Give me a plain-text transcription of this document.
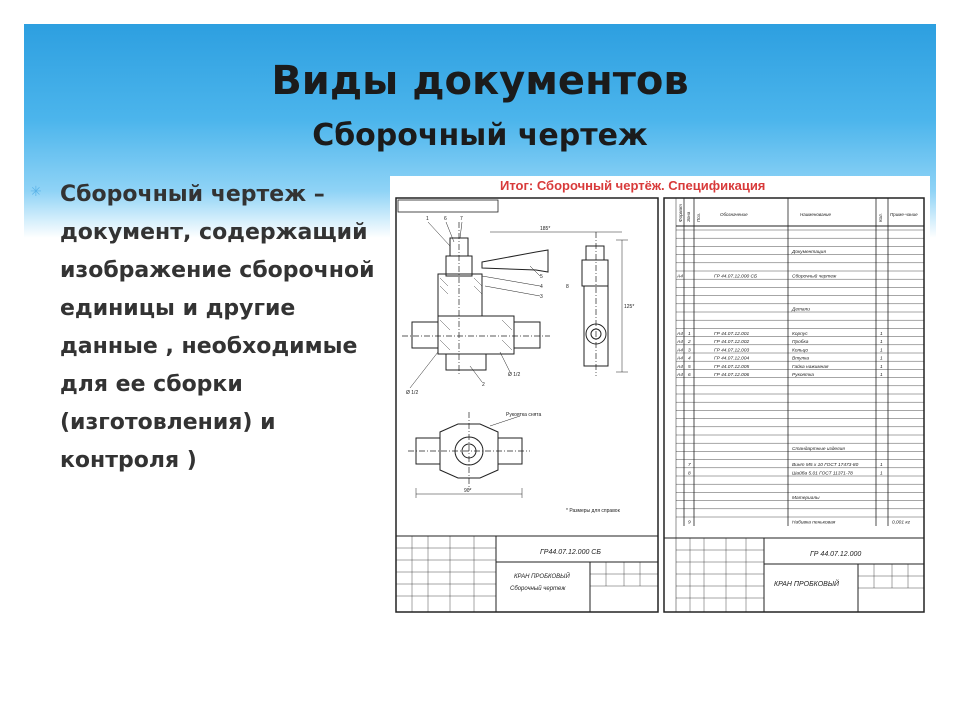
Виды документов
Сборочный чертеж
✳ Сборочный чертеж – документ, содержащий изображение сборочной единицы и другие данные , необходимые для ее сборки (изготовления) и контроля )
Итог: Сборочный чертёж. Спецификация
1	6	7
5
4
3
2
Ø 1/2
Ø 1/2
185*
125*
8
Рукоятка снята
90*
* Размеры для справок
ГР44.07.12.000 СБ
КРАН ПРОБКОВЫЙ
Сборочный чертеж
ГР 44.07.12.000
КРАН ПРОБКОВЫЙ
Формат Зона Поз.	Обозначение	Наименование	Кол. Приме-чание
Документация
А4	ГР 44.07.12.000 СБ	Сборочный чертеж
Детали
А4 1	ГР 44.07.12.001	Корпус	1
А4 2	ГР 44.07.12.002	Пробка	1
А4 3	ГР 44.07.12.003	Кольцо	1
А4 4	ГР 44.07.12.004	Втулка	1
А4 5	ГР 44.07.12.005	Гайка нажимная	1
А4 6	ГР 44.07.12.006	Рукоятка	1
Стандартные изделия
7	Винт М5 х 10 ГОСТ 17473-80	1
8	Шайба 5.01 ГОСТ 11371-78	1
Материалы
9	Набивка пеньковая	0,001 кг
